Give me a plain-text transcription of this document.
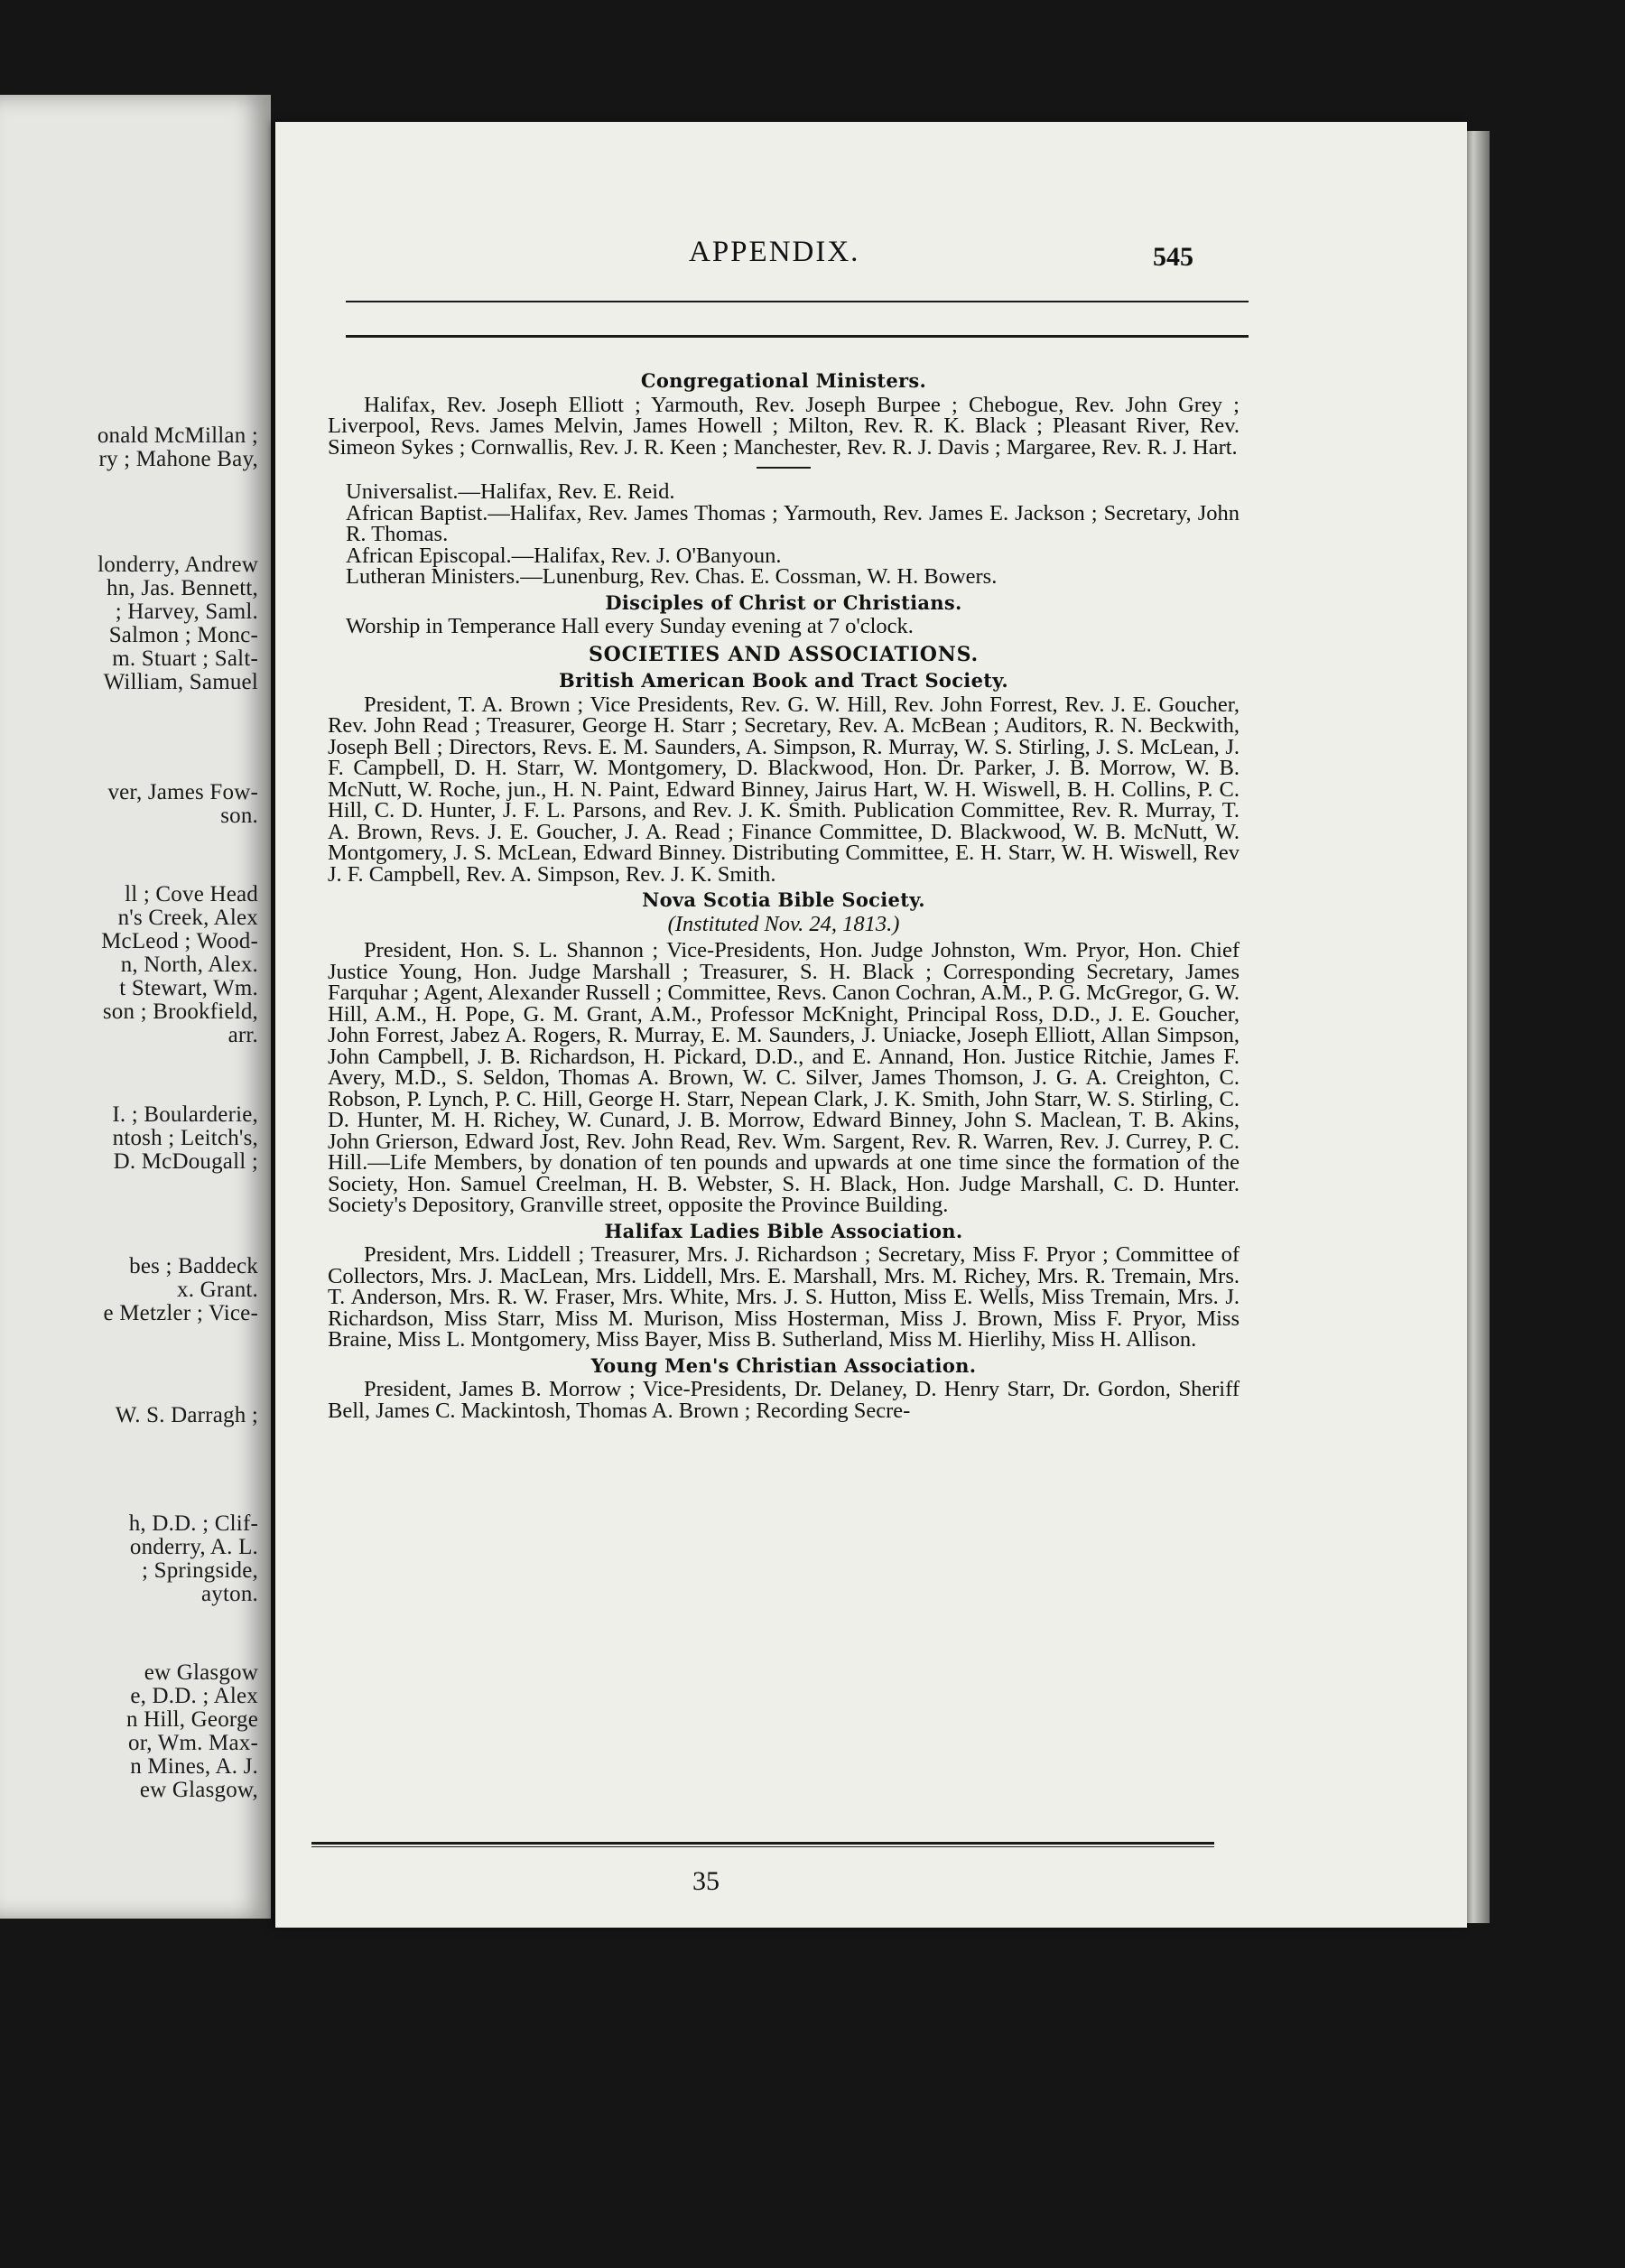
onald McMillan ;
ry ; Mahone Bay,
londerry, Andrew
hn, Jas. Bennett,
; Harvey, Saml.
Salmon ; Monc-
m. Stuart ; Salt-
William, Samuel
ver, James Fow-
son.
ll ; Cove Head
n's Creek, Alex
McLeod ; Wood-
n, North, Alex.
t Stewart, Wm.
son ; Brookfield,
arr.
I. ; Boularderie,
ntosh ; Leitch's,
D. McDougall ;
bes ; Baddeck
x. Grant.
e Metzler ; Vice-
W. S. Darragh ;
h, D.D. ; Clif-
onderry, A. L.
; Springside,
ayton.
ew Glasgow
e, D.D. ; Alex
n Hill, George
or, Wm. Max-
n Mines, A. J.
ew Glasgow,
APPENDIX.	545
Congregational Ministers.

Halifax, Rev. Joseph Elliott ; Yarmouth, Rev. Joseph Burpee ; Chebogue, Rev. John Grey ; Liverpool, Revs. James Melvin, James Howell ; Milton, Rev. R. K. Black ; Pleasant River, Rev. Simeon Sykes ; Cornwallis, Rev. J. R. Keen ; Manchester, Rev. R. J. Davis ; Margaree, Rev. R. J. Hart.

Universalist.—Halifax, Rev. E. Reid.

African Baptist.—Halifax, Rev. James Thomas ; Yarmouth, Rev. James E. Jackson ; Secretary, John R. Thomas.

African Episcopal.—Halifax, Rev. J. O'Banyoun.

Lutheran Ministers.—Lunenburg, Rev. Chas. E. Cossman, W. H. Bowers.

Disciples of Christ or Christians.

Worship in Temperance Hall every Sunday evening at 7 o'clock.

SOCIETIES AND ASSOCIATIONS.
British American Book and Tract Society.

President, T. A. Brown ; Vice Presidents, Rev. G. W. Hill, Rev. John Forrest, Rev. J. E. Goucher, Rev. John Read ; Treasurer, George H. Starr ; Secretary, Rev. A. McBean ; Auditors, R. N. Beckwith, Joseph Bell ; Directors, Revs. E. M. Saunders, A. Simpson, R. Murray, W. S. Stirling, J. S. McLean, J. F. Campbell, D. H. Starr, W. Montgomery, D. Blackwood, Hon. Dr. Parker, J. B. Morrow, W. B. McNutt, W. Roche, jun., H. N. Paint, Edward Binney, Jairus Hart, W. H. Wiswell, B. H. Collins, P. C. Hill, C. D. Hunter, J. F. L. Parsons, and Rev. J. K. Smith. Publication Committee, Rev. R. Murray, T. A. Brown, Revs. J. E. Goucher, J. A. Read ; Finance Committee, D. Blackwood, W. B. McNutt, W. Montgomery, J. S. McLean, Edward Binney. Distributing Committee, E. H. Starr, W. H. Wiswell, Rev J. F. Campbell, Rev. A. Simpson, Rev. J. K. Smith.

Nova Scotia Bible Society.
(Instituted Nov. 24, 1813.)

President, Hon. S. L. Shannon ; Vice-Presidents, Hon. Judge Johnston, Wm. Pryor, Hon. Chief Justice Young, Hon. Judge Marshall ; Treasurer, S. H. Black ; Corresponding Secretary, James Farquhar ; Agent, Alexander Russell ; Committee, Revs. Canon Cochran, A.M., P. G. McGregor, G. W. Hill, A.M., H. Pope, G. M. Grant, A.M., Professor McKnight, Principal Ross, D.D., J. E. Goucher, John Forrest, Jabez A. Rogers, R. Murray, E. M. Saunders, J. Uniacke, Joseph Elliott, Allan Simpson, John Campbell, J. B. Richardson, H. Pickard, D.D., and E. Annand, Hon. Justice Ritchie, James F. Avery, M.D., S. Seldon, Thomas A. Brown, W. C. Silver, James Thomson, J. G. A. Creighton, C. Robson, P. Lynch, P. C. Hill, George H. Starr, Nepean Clark, J. K. Smith, John Starr, W. S. Stirling, C. D. Hunter, M. H. Richey, W. Cunard, J. B. Morrow, Edward Binney, John S. Maclean, T. B. Akins, John Grierson, Edward Jost, Rev. John Read, Rev. Wm. Sargent, Rev. R. Warren, Rev. J. Currey, P. C. Hill.—Life Members, by donation of ten pounds and upwards at one time since the formation of the Society, Hon. Samuel Creelman, H. B. Webster, S. H. Black, Hon. Judge Marshall, C. D. Hunter. Society's Depository, Granville street, opposite the Province Building.

Halifax Ladies Bible Association.

President, Mrs. Liddell ; Treasurer, Mrs. J. Richardson ; Secretary, Miss F. Pryor ; Committee of Collectors, Mrs. J. MacLean, Mrs. Liddell, Mrs. E. Marshall, Mrs. M. Richey, Mrs. R. Tremain, Mrs. T. Anderson, Mrs. R. W. Fraser, Mrs. White, Mrs. J. S. Hutton, Miss E. Wells, Miss Tremain, Mrs. J. Richardson, Miss Starr, Miss M. Murison, Miss Hosterman, Miss J. Brown, Miss F. Pryor, Miss Braine, Miss L. Montgomery, Miss Bayer, Miss B. Sutherland, Miss M. Hierlihy, Miss H. Allison.

Young Men's Christian Association.

President, James B. Morrow ; Vice-Presidents, Dr. Delaney, D. Henry Starr, Dr. Gordon, Sheriff Bell, James C. Mackintosh, Thomas A. Brown ; Recording Secre-

35
